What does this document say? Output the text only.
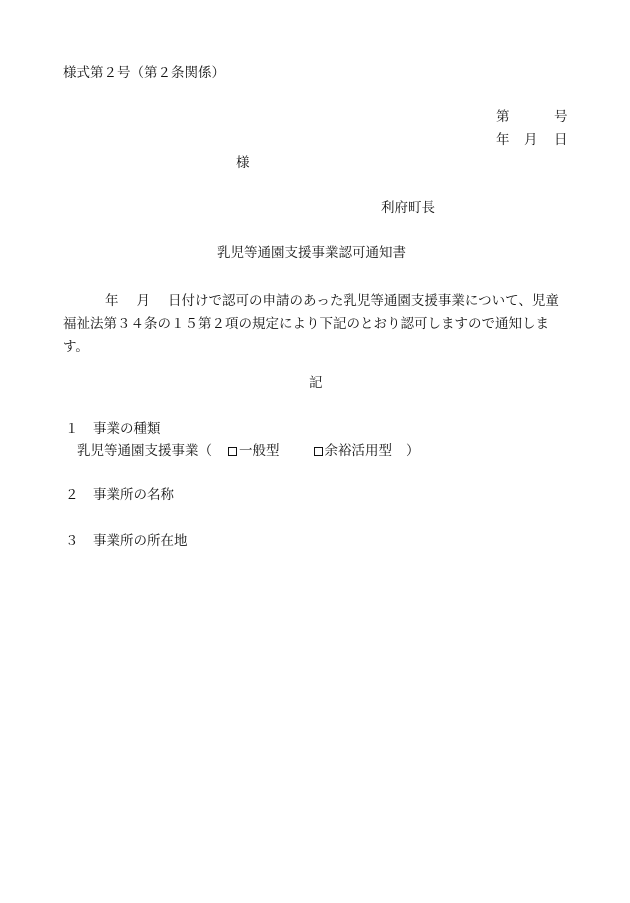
様式第２号（第２条関係）
第	号
年 月 日
様
利府町長
乳児等通園支援事業認可通知書
年 月 日付けで認可の申請のあった乳児等通園支援事業について、児童福祉法第３４条の１５第２項の規定により下記のとおり認可しますので通知します。
記
１ 事業の種類
乳児等通園支援事業（ 一般型	余裕活用型 ）
２ 事業所の名称
３ 事業所の所在地
